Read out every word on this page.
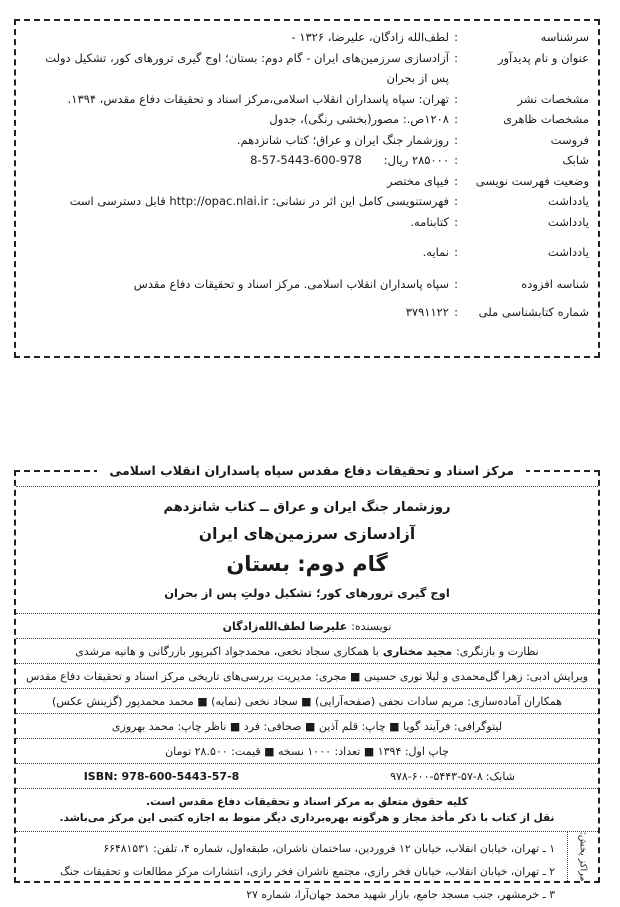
سرشناسه
:
لطف‌الله زادگان، علیرضا، ۱۳۲۶ -
عنوان و نام پدیدآور
:
آزادسازی سرزمین‌های ایران - گام دوم: بستان؛ اوج گیری ترورهای کور، تشکیل دولت پس از بحران
مشخصات نشر
:
تهران: سپاه پاسداران انقلاب اسلامی،مرکز اسناد و تحقیقات دفاع مقدس، ۱۳۹۴.
مشخصات ظاهری
:
۱۲۰۸ص.: مصور(بخشی رنگی)، جدول
فروست
:
روزشمار جنگ ایران و عراق؛ کتاب شانزدهم.
شابک
:
۲۸۵۰۰۰ ریال:      978-600-5443-57-8
وضعیت فهرست نویسی
:
فیپای مختصر
یادداشت
:
فهرستنویسی کامل این اثر در نشانی: http://opac.nlai.ir قابل دسترسی است
یادداشت
:
کتابنامه.
یادداشت
:
نمایه.
شناسه افزوده
:
سپاه پاسداران انقلاب اسلامی. مرکز اسناد و تحقیقات دفاع مقدس
شماره کتابشناسی ملی
:
۳۷۹۱۱۲۲
مرکز اسناد و تحقیقات دفاع مقدس سپاه پاسداران انقلاب اسلامی
روزشمار جنگ ایران و عراق ــ کتاب شانزدهم
آزادسازی سرزمین‌های ایران
گام دوم: بستان
اوج گیری ترورهای کور؛ تشکیل دولتِ پس از بحران
نویسنده:
علیرضا لطف‌الله‌زادگان
نظارت و بازنگری:
مجید مختاری
با همکاری سجاد نخعی، محمدجواد اکبرپور بازرگانی و هانیه مرشدی
ویرایش ادبی: زهرا گل‌محمدی و لیلا نوری حسینی ■ مجری: مدیریت بررسی‌های تاریخی مرکز اسناد و تحقیقات دفاع مقدس
همکاران آماده‌سازی: مریم سادات نجفی (صفحه‌آرایی) ■ سجاد نخعی (نمایه) ■ محمد محمدپور (گزینش عکس)
لیتوگرافی: فرآیند گویا ■ چاپ: قلم آذین ■ صحافی: فرد ■ ناظر چاپ: محمد بهروزی
چاپ اول: ۱۳۹۴ ■ تعداد: ۱۰۰۰ نسخه ■ قیمت: ۲۸.۵۰۰ تومان
شابک:
۹۷۸-۶۰۰-۵۴۴۳-۵۷-۸
ISBN: 978-600-5443-57-8
کلیه حقوق متعلق به مرکز اسناد و تحقیقات دفاع مقدس است.
نقل از کتاب با ذکر مأخذ مجاز و هرگونه بهره‌برداری دیگر منوط به اجازه کتبی این مرکز می‌باشد.
مراکز پخش:
۱ ـ تهران، خیابان انقلاب، خیابان ۱۲ فروردین، ساختمان ناشران، طبقه‌اول، شماره ۴، تلفن: ۶۶۴۸۱۵۳۱
۲ ـ تهران، خیابان انقلاب، خیابان فخر رازی، مجتمع ناشران فخر رازی، انتشارات مرکز مطالعات و تحقیقات جنگ
۳ ـ خرمشهر، جنب مسجد جامع، بازار شهید محمد جهان‌آرا، شماره ۲۷
